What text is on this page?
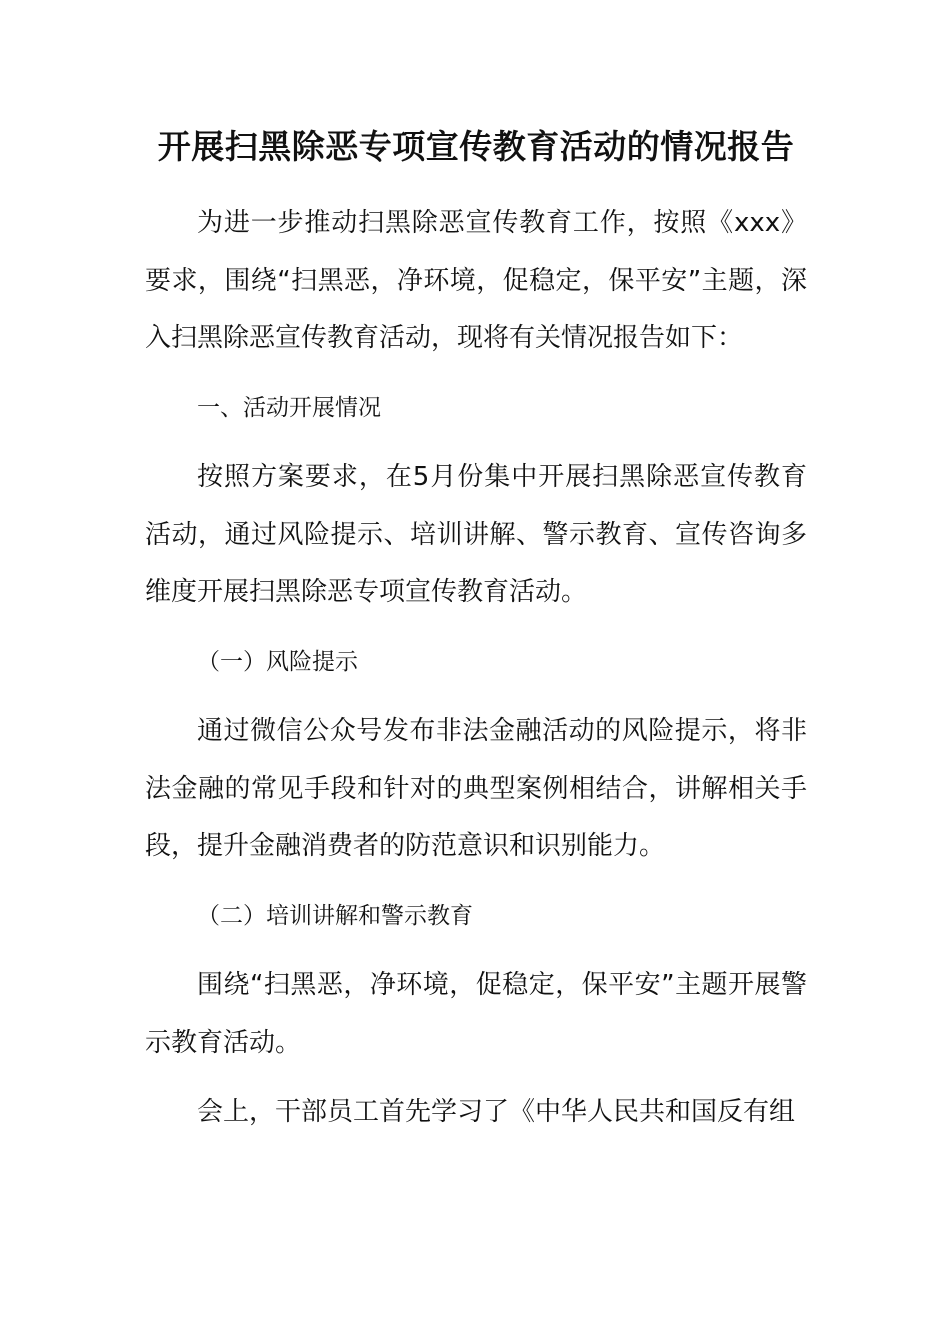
开展扫黑除恶专项宣传教育活动的情况报告

为进一步推动扫黑除恶宣传教育工作，按照《xxx》要求，围绕“扫黑恶，净环境，促稳定，保平安”主题，深入扫黑除恶宣传教育活动，现将有关情况报告如下：

一、活动开展情况

按照方案要求，在5月份集中开展扫黑除恶宣传教育活动，通过风险提示、培训讲解、警示教育、宣传咨询多维度开展扫黑除恶专项宣传教育活动。

（一）风险提示

通过微信公众号发布非法金融活动的风险提示，将非法金融的常见手段和针对的典型案例相结合，讲解相关手段，提升金融消费者的防范意识和识别能力。

（二）培训讲解和警示教育

围绕“扫黑恶，净环境，促稳定，保平安”主题开展警示教育活动。

会上，干部员工首先学习了《中华人民共和国反有组
